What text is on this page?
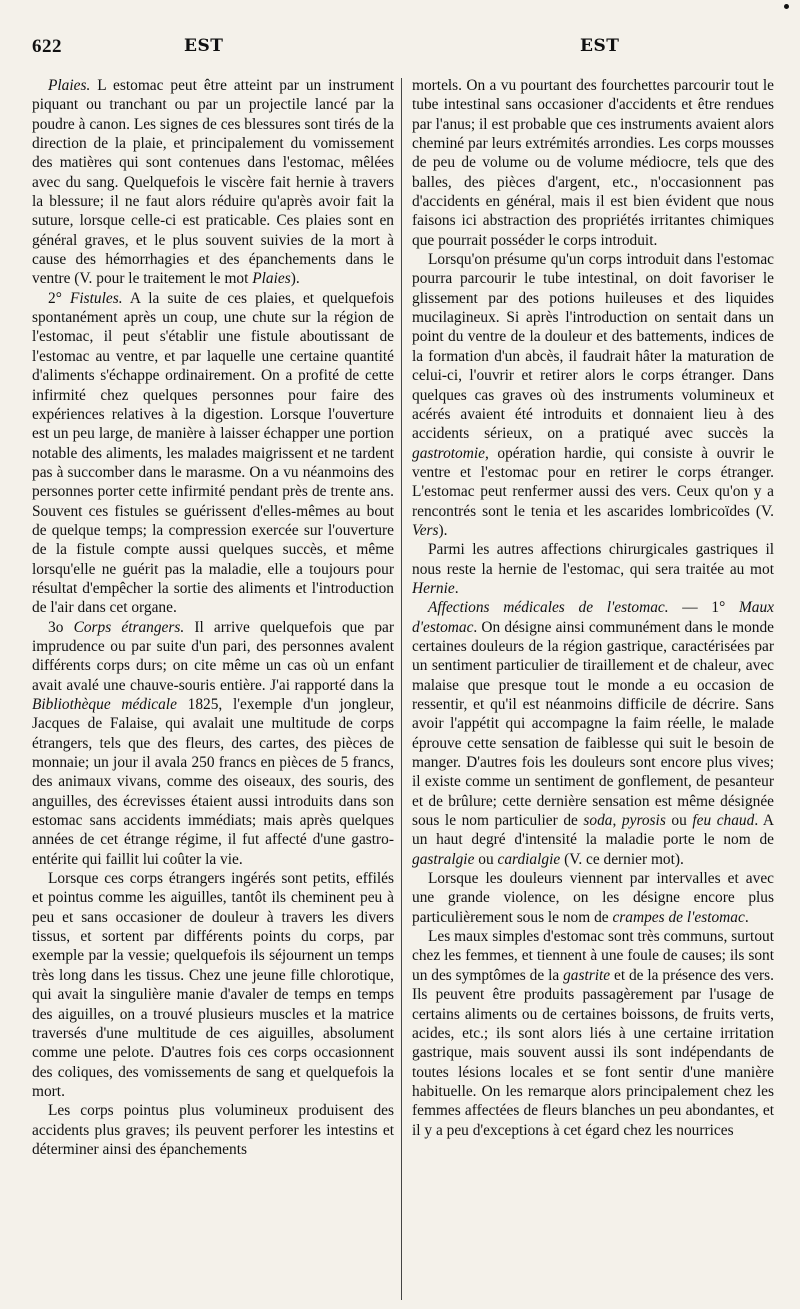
622	EST	EST

Plaies. L estomac peut être atteint par un instrument piquant ou tranchant ou par un projectile lancé par la poudre à canon. Les signes de ces blessures sont tirés de la direction de la plaie, et principalement du vomissement des matières qui sont contenues dans l'estomac, mêlées avec du sang. Quelquefois le viscère fait hernie à travers la blessure; il ne faut alors réduire qu'après avoir fait la suture, lorsque celle-ci est praticable. Ces plaies sont en général graves, et le plus souvent suivies de la mort à cause des hémorrhagies et des épanchements dans le ventre (V. pour le traitement le mot Plaies).

2° Fistules. A la suite de ces plaies, et quelquefois spontanément après un coup, une chute sur la région de l'estomac, il peut s'établir une fistule aboutissant de l'estomac au ventre, et par laquelle une certaine quantité d'aliments s'échappe ordinairement. On a profité de cette infirmité chez quelques personnes pour faire des expériences relatives à la digestion. Lorsque l'ouverture est un peu large, de manière à laisser échapper une portion notable des aliments, les malades maigrissent et ne tardent pas à succomber dans le marasme. On a vu néanmoins des personnes porter cette infirmité pendant près de trente ans. Souvent ces fistules se guérissent d'elles-mêmes au bout de quelque temps; la compression exercée sur l'ouverture de la fistule compte aussi quelques succès, et même lorsqu'elle ne guérit pas la maladie, elle a toujours pour résultat d'empêcher la sortie des aliments et l'introduction de l'air dans cet organe.

3o Corps étrangers. Il arrive quelquefois que par imprudence ou par suite d'un pari, des personnes avalent différents corps durs; on cite même un cas où un enfant avait avalé une chauve-souris entière. J'ai rapporté dans la Bibliothèque médicale 1825, l'exemple d'un jongleur, Jacques de Falaise, qui avalait une multitude de corps étrangers, tels que des fleurs, des cartes, des pièces de monnaie; un jour il avala 250 francs en pièces de 5 francs, des animaux vivans, comme des oiseaux, des souris, des anguilles, des écrevisses étaient aussi introduits dans son estomac sans accidents immédiats; mais après quelques années de cet étrange régime, il fut affecté d'une gastro-entérite qui faillit lui coûter la vie.

Lorsque ces corps étrangers ingérés sont petits, effilés et pointus comme les aiguilles, tantôt ils cheminent peu à peu et sans occasioner de douleur à travers les divers tissus, et sortent par différents points du corps, par exemple par la vessie; quelquefois ils séjournent un temps très long dans les tissus. Chez une jeune fille chlorotique, qui avait la singulière manie d'avaler de temps en temps des aiguilles, on a trouvé plusieurs muscles et la matrice traversés d'une multitude de ces aiguilles, absolument comme une pelote. D'autres fois ces corps occasionnent des coliques, des vomissements de sang et quelquefois la mort.

Les corps pointus plus volumineux produisent des accidents plus graves; ils peuvent perforer les intestins et déterminer ainsi des épanchements

mortels. On a vu pourtant des fourchettes parcourir tout le tube intestinal sans occasioner d'accidents et être rendues par l'anus; il est probable que ces instruments avaient alors cheminé par leurs extrémités arrondies. Les corps mousses de peu de volume ou de volume médiocre, tels que des balles, des pièces d'argent, etc., n'occasionnent pas d'accidents en général, mais il est bien évident que nous faisons ici abstraction des propriétés irritantes chimiques que pourrait posséder le corps introduit.

Lorsqu'on présume qu'un corps introduit dans l'estomac pourra parcourir le tube intestinal, on doit favoriser le glissement par des potions huileuses et des liquides mucilagineux. Si après l'introduction on sentait dans un point du ventre de la douleur et des battements, indices de la formation d'un abcès, il faudrait hâter la maturation de celui-ci, l'ouvrir et retirer alors le corps étranger. Dans quelques cas graves où des instruments volumineux et acérés avaient été introduits et donnaient lieu à des accidents sérieux, on a pratiqué avec succès la gastrotomie, opération hardie, qui consiste à ouvrir le ventre et l'estomac pour en retirer le corps étranger. L'estomac peut renfermer aussi des vers. Ceux qu'on y a rencontrés sont le tenia et les ascarides lombricoïdes (V. Vers).

Parmi les autres affections chirurgicales gastriques il nous reste la hernie de l'estomac, qui sera traitée au mot Hernie.

Affections médicales de l'estomac. — 1° Maux d'estomac. On désigne ainsi communément dans le monde certaines douleurs de la région gastrique, caractérisées par un sentiment particulier de tiraillement et de chaleur, avec malaise que presque tout le monde a eu occasion de ressentir, et qu'il est néanmoins difficile de décrire. Sans avoir l'appétit qui accompagne la faim réelle, le malade éprouve cette sensation de faiblesse qui suit le besoin de manger. D'autres fois les douleurs sont encore plus vives; il existe comme un sentiment de gonflement, de pesanteur et de brûlure; cette dernière sensation est même désignée sous le nom particulier de soda, pyrosis ou feu chaud. A un haut degré d'intensité la maladie porte le nom de gastralgie ou cardialgie (V. ce dernier mot).

Lorsque les douleurs viennent par intervalles et avec une grande violence, on les désigne encore plus particulièrement sous le nom de crampes de l'estomac.

Les maux simples d'estomac sont très communs, surtout chez les femmes, et tiennent à une foule de causes; ils sont un des symptômes de la gastrite et de la présence des vers. Ils peuvent être produits passagèrement par l'usage de certains aliments ou de certaines boissons, de fruits verts, acides, etc.; ils sont alors liés à une certaine irritation gastrique, mais souvent aussi ils sont indépendants de toutes lésions locales et se font sentir d'une manière habituelle. On les remarque alors principalement chez les femmes affectées de fleurs blanches un peu abondantes, et il y a peu d'exceptions à cet égard chez les nourrices
